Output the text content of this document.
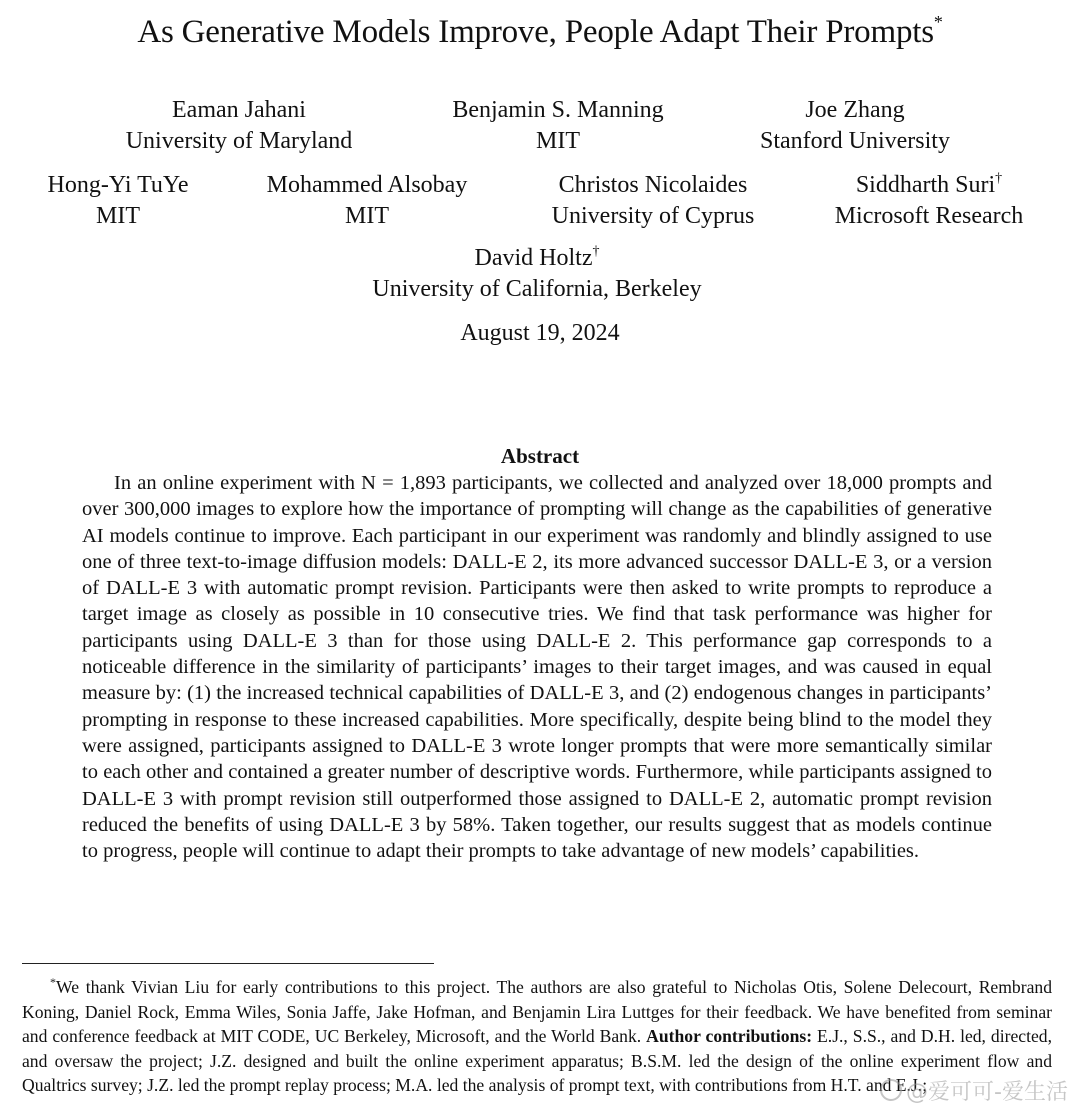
As Generative Models Improve, People Adapt Their Prompts*
Eaman Jahani
University of Maryland
Benjamin S. Manning
MIT
Joe Zhang
Stanford University
Hong-Yi TuYe
MIT
Mohammed Alsobay
MIT
Christos Nicolaides
University of Cyprus
Siddharth Suri†
Microsoft Research
David Holtz†
University of California, Berkeley
August 19, 2024
Abstract
In an online experiment with N = 1,893 participants, we collected and analyzed over 18,000 prompts and over 300,000 images to explore how the importance of prompting will change as the capabilities of generative AI models continue to improve. Each participant in our experiment was randomly and blindly assigned to use one of three text-to-image diffusion models: DALL-E 2, its more advanced successor DALL-E 3, or a version of DALL-E 3 with automatic prompt revision. Participants were then asked to write prompts to reproduce a target image as closely as possible in 10 consecutive tries. We find that task performance was higher for participants using DALL-E 3 than for those using DALL-E 2. This performance gap corresponds to a noticeable difference in the similarity of participants’ images to their target images, and was caused in equal measure by: (1) the increased technical capabilities of DALL-E 3, and (2) endogenous changes in participants’ prompting in response to these increased capabilities. More specifically, despite being blind to the model they were assigned, participants assigned to DALL-E 3 wrote longer prompts that were more semantically similar to each other and contained a greater number of descriptive words. Furthermore, while participants assigned to DALL-E 3 with prompt revision still outperformed those assigned to DALL-E 2, automatic prompt revision reduced the benefits of using DALL-E 3 by 58%. Taken together, our results suggest that as models continue to progress, people will continue to adapt their prompts to take advantage of new models’ capabilities.
*We thank Vivian Liu for early contributions to this project. The authors are also grateful to Nicholas Otis, Solene Delecourt, Rembrand Koning, Daniel Rock, Emma Wiles, Sonia Jaffe, Jake Hofman, and Benjamin Lira Luttges for their feedback. We have benefited from seminar and conference feedback at MIT CODE, UC Berkeley, Microsoft, and the World Bank. Author contributions: E.J., S.S., and D.H. led, directed, and oversaw the project; J.Z. designed and built the online experiment apparatus; B.S.M. led the design of the online experiment flow and Qualtrics survey; J.Z. led the prompt replay process; M.A. led the analysis of prompt text, with contributions from H.T. and E.J.;
@爱可可-爱生活
